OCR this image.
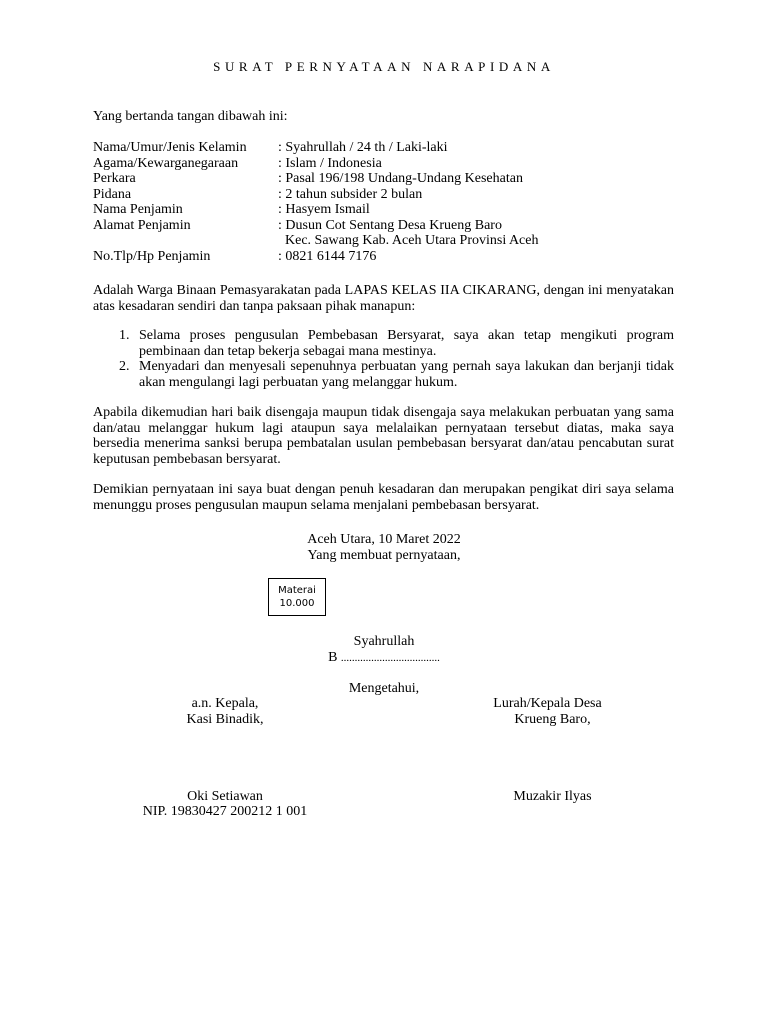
SURAT PERNYATAAN NARAPIDANA
Yang bertanda tangan dibawah ini:
Nama/Umur/Jenis Kelamin	: Syahrullah / 24 th / Laki-laki
Agama/Kewarganegaraan	: Islam / Indonesia
Perkara	: Pasal 196/198 Undang-Undang Kesehatan
Pidana	: 2 tahun subsider 2 bulan
Nama Penjamin	: Hasyem Ismail
Alamat Penjamin	: Dusun Cot Sentang Desa Krueng Baro
Kec. Sawang Kab. Aceh Utara Provinsi Aceh
No.Tlp/Hp Penjamin	: 0821 6144 7176
Adalah Warga Binaan Pemasyarakatan pada LAPAS KELAS IIA CIKARANG, dengan ini menyatakan atas kesadaran sendiri dan tanpa paksaan pihak manapun:
1. Selama proses pengusulan Pembebasan Bersyarat, saya akan tetap mengikuti program pembinaan dan tetap bekerja sebagai mana mestinya.
2. Menyadari dan menyesali sepenuhnya perbuatan yang pernah saya lakukan dan berjanji tidak akan mengulangi lagi perbuatan yang melanggar hukum.
Apabila dikemudian hari baik disengaja maupun tidak disengaja saya melakukan perbuatan yang sama dan/atau melanggar hukum lagi ataupun saya melalaikan pernyataan tersebut diatas, maka saya bersedia menerima sanksi berupa pembatalan usulan pembebasan bersyarat dan/atau pencabutan surat keputusan pembebasan bersyarat.
Demikian pernyataan ini saya buat dengan penuh kesadaran dan merupakan pengikat diri saya selama menunggu proses pengusulan maupun selama menjalani pembebasan bersyarat.
Aceh Utara, 10 Maret 2022
Yang membuat pernyataan,
Materai
10.000
Syahrullah
B ....................................
Mengetahui,
a.n. Kepala,
Kasi Binadik,
Oki Setiawan
NIP. 19830427 200212 1 001
Lurah/Kepala Desa
Krueng Baro,
Muzakir Ilyas
